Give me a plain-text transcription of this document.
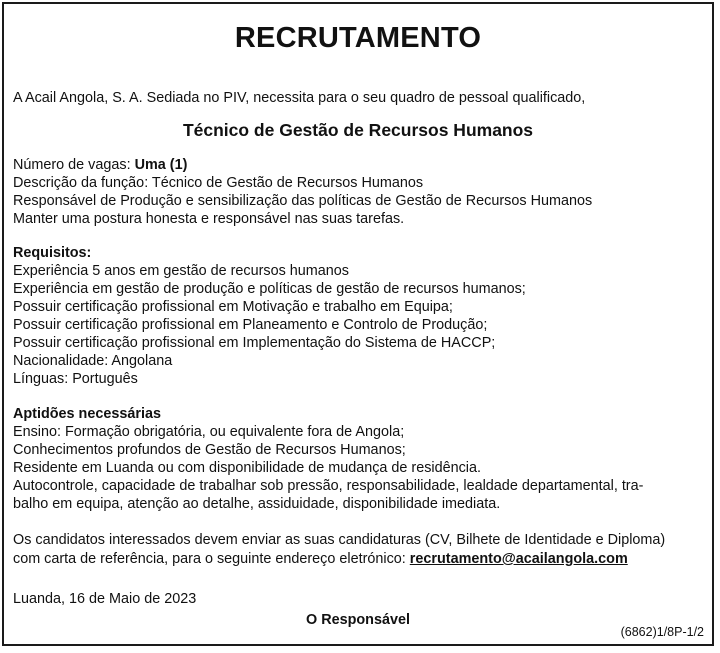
RECRUTAMENTO
A Acail Angola, S. A. Sediada no PIV, necessita para o seu quadro de pessoal qualificado,
Técnico de Gestão de Recursos Humanos
Número de vagas: Uma (1)
Descrição da função: Técnico de Gestão de Recursos Humanos
Responsável de Produção e sensibilização das políticas de Gestão de Recursos Humanos
Manter uma postura honesta e responsável nas suas tarefas.
Requisitos:
Experiência 5 anos em gestão de recursos humanos
Experiência em gestão de produção e políticas de gestão de recursos humanos;
Possuir certificação profissional em Motivação e trabalho em Equipa;
Possuir certificação profissional em Planeamento e Controlo de Produção;
Possuir certificação profissional em Implementação do Sistema de HACCP;
Nacionalidade: Angolana
Línguas: Português
Aptidões necessárias
Ensino: Formação obrigatória, ou equivalente fora de Angola;
Conhecimentos profundos de Gestão de Recursos Humanos;
Residente em Luanda ou com disponibilidade de mudança de residência.
Autocontrole, capacidade de trabalhar sob pressão, responsabilidade, lealdade departamental, tra-
balho em equipa, atenção ao detalhe, assiduidade, disponibilidade imediata.
Os candidatos interessados devem enviar as suas candidaturas (CV, Bilhete de Identidade e Diploma)
com carta de referência, para o seguinte endereço eletrónico: recrutamento@acailangola.com
Luanda, 16 de Maio de 2023
O Responsável
(6862)1/8P-1/2
